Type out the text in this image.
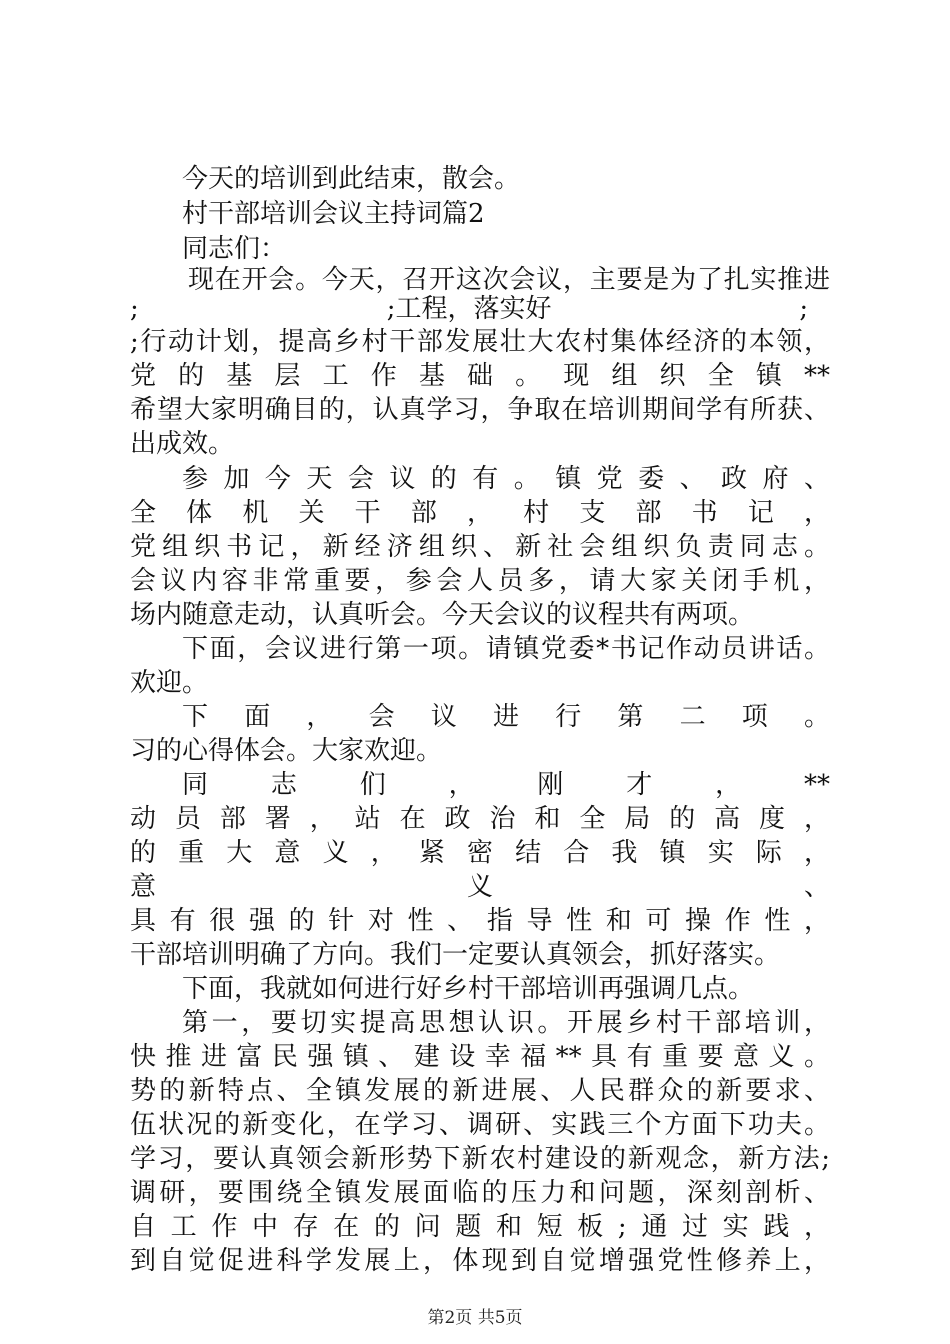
今天的培训到此结束，散会。
村干部培训会议主持词篇2
同志们：
现在开会。今天，召开这次会议，主要是为了扎实推进
;                              ;工程，落实好                              ;
;行动计划，提高乡村干部发展壮大农村集体经济的本领，
党的基层工作基础。现组织全镇**
希望大家明确目的，认真学习，争取在培训期间学有所获、
出成效。
参加今天会议的有。镇党委、政府、
全体机关干部，村支部书记，
党组织书记，新经济组织、新社会组织负责同志。
会议内容非常重要，参会人员多，请大家关闭手机，
场内随意走动，认真听会。今天会议的议程共有两项。
下面，会议进行第一项。请镇党委*书记作动员讲话。
欢迎。
下面，会议进行第二项。
习的心得体会。大家欢迎。
同志们，刚才，**
动员部署，站在政治和全局的高度，
的重大意义，紧密结合我镇实际，
意义、
具有很强的针对性、指导性和可操作性，
干部培训明确了方向。我们一定要认真领会，抓好落实。
下面，我就如何进行好乡村干部培训再强调几点。
第一，要切实提高思想认识。开展乡村干部培训，
快推进富民强镇、建设幸福**具有重要意义。
势的新特点、全镇发展的新进展、人民群众的新要求、
伍状况的新变化，在学习、调研、实践三个方面下功夫。
学习，要认真领会新形势下新农村建设的新观念，新方法;
调研，要围绕全镇发展面临的压力和问题，深刻剖析、
自工作中存在的问题和短板;通过实践，
到自觉促进科学发展上，体现到自觉增强党性修养上，
第2页 共5页
